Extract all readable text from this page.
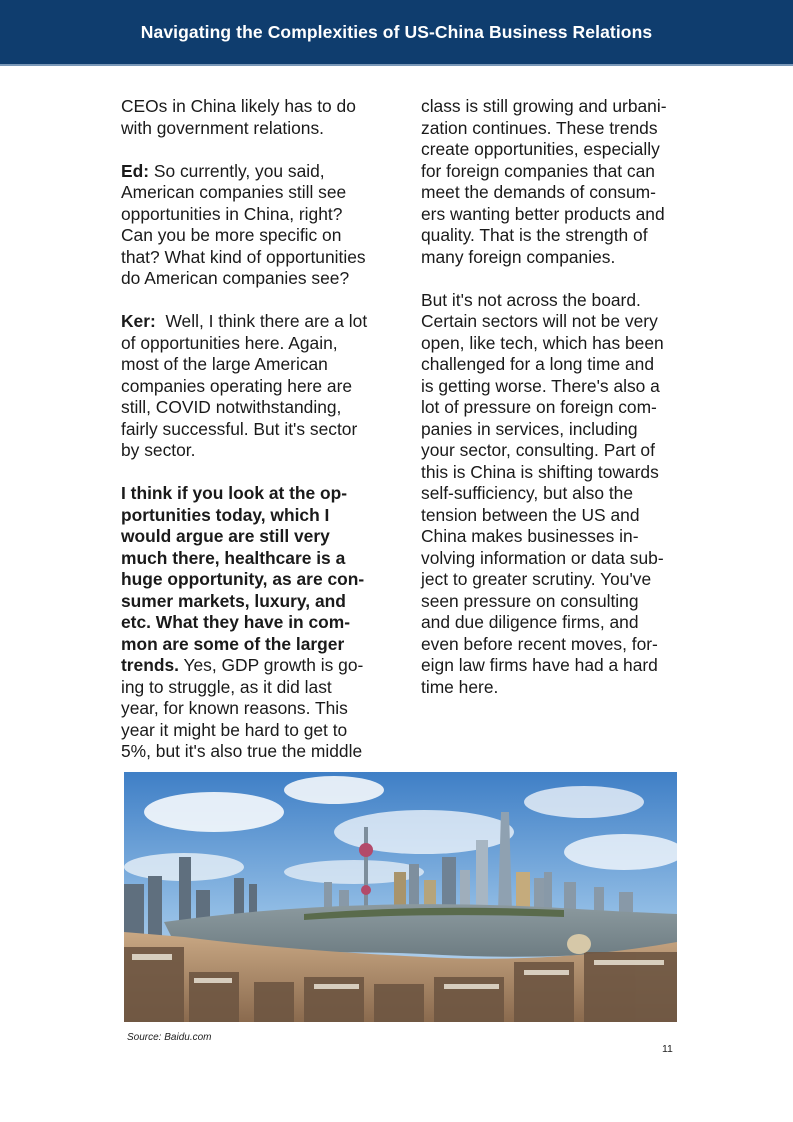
Navigating the Complexities of US-China Business Relations
CEOs in China likely has to do
with government relations.
Ed: So currently, you said,
American companies still see
opportunities in China, right?
Can you be more specific on
that? What kind of opportunities
do American companies see?
Ker:  Well, I think there are a lot
of opportunities here. Again,
most of the large American
companies operating here are
still, COVID notwithstanding,
fairly successful. But it's sector
by sector.
I think if you look at the op-
portunities today, which I
would argue are still very
much there, healthcare is a
huge opportunity, as are con-
sumer markets, luxury, and
etc. What they have in com-
mon are some of the larger
trends. Yes, GDP growth is go-
ing to struggle, as it did last
year, for known reasons. This
year it might be hard to get to
5%, but it's also true the middle
class is still growing and urbani-
zation continues. These trends
create opportunities, especially
for foreign companies that can
meet the demands of consum-
ers wanting better products and
quality. That is the strength of
many foreign companies.
But it's not across the board.
Certain sectors will not be very
open, like tech, which has been
challenged for a long time and
is getting worse. There's also a
lot of pressure on foreign com-
panies in services, including
your sector, consulting. Part of
this is China is shifting towards
self-sufficiency, but also the
tension between the US and
China makes businesses in-
volving information or data sub-
ject to greater scrutiny. You've
seen pressure on consulting
and due diligence firms, and
even before recent moves, for-
eign law firms have had a hard
time here.
Source: Baidu.com
11
